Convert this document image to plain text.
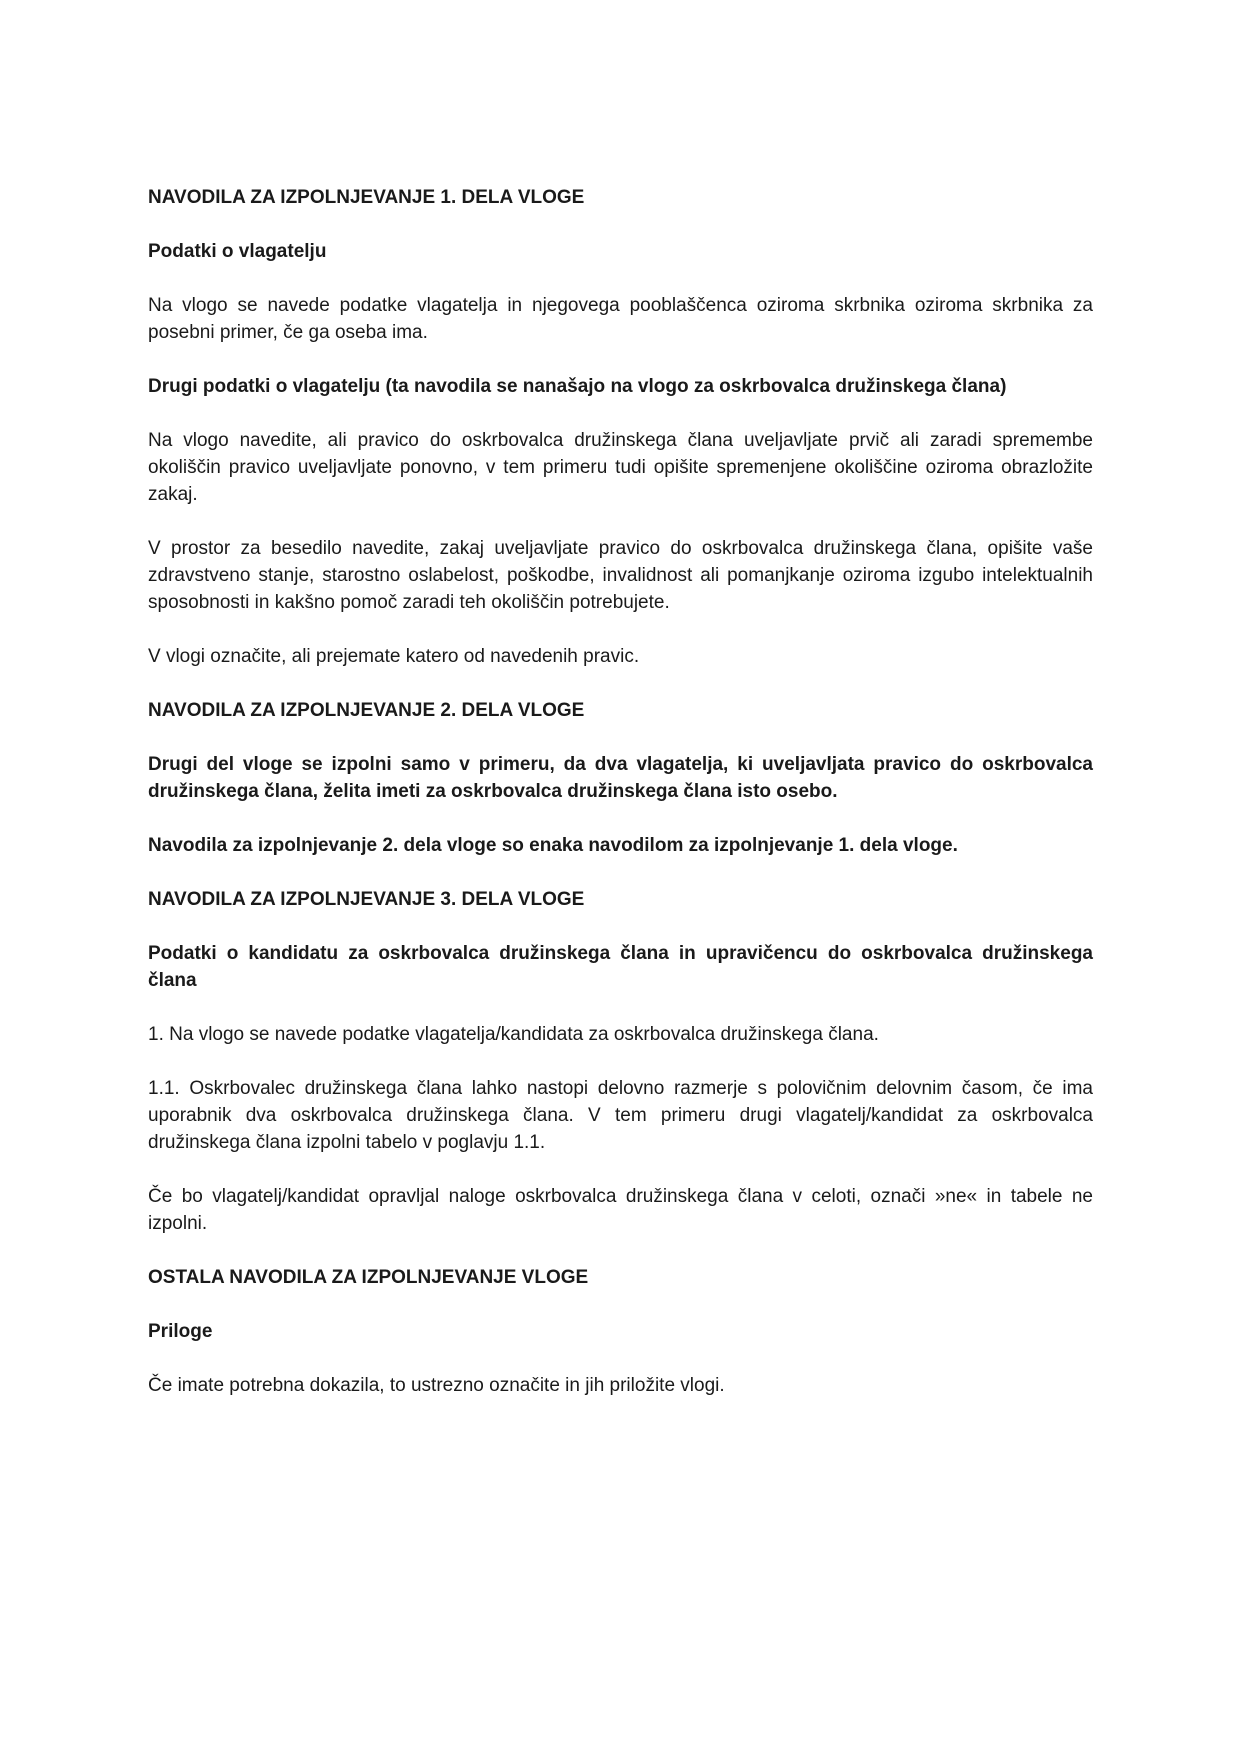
NAVODILA ZA IZPOLNJEVANJE 1. DELA VLOGE

Podatki o vlagatelju

Na vlogo se navede podatke vlagatelja in njegovega pooblaščenca oziroma skrbnika oziroma skrbnika za posebni primer, če ga oseba ima.

Drugi podatki o vlagatelju (ta navodila se nanašajo na vlogo za oskrbovalca družinskega člana)

Na vlogo navedite, ali pravico do oskrbovalca družinskega člana uveljavljate prvič ali zaradi spremembe okoliščin pravico uveljavljate ponovno, v tem primeru tudi opišite spremenjene okoliščine oziroma obrazložite zakaj.

V prostor za besedilo navedite, zakaj uveljavljate pravico do oskrbovalca družinskega člana, opišite vaše zdravstveno stanje, starostno oslabelost, poškodbe, invalidnost ali pomanjkanje oziroma izgubo intelektualnih sposobnosti in kakšno pomoč zaradi teh okoliščin potrebujete.

V vlogi označite, ali prejemate katero od navedenih pravic.

NAVODILA ZA IZPOLNJEVANJE 2. DELA VLOGE

Drugi del vloge se izpolni samo v primeru, da dva vlagatelja, ki uveljavljata pravico do oskrbovalca družinskega člana, želita imeti za oskrbovalca družinskega člana isto osebo.

Navodila za izpolnjevanje 2. dela vloge so enaka navodilom za izpolnjevanje 1. dela vloge.

NAVODILA ZA IZPOLNJEVANJE 3. DELA VLOGE

Podatki o kandidatu za oskrbovalca družinskega člana in upravičencu do oskrbovalca družinskega člana

1. Na vlogo se navede podatke vlagatelja/kandidata za oskrbovalca družinskega člana.

1.1. Oskrbovalec družinskega člana lahko nastopi delovno razmerje s polovičnim delovnim časom, če ima uporabnik dva oskrbovalca družinskega člana. V tem primeru drugi vlagatelj/kandidat za oskrbovalca družinskega člana izpolni tabelo v poglavju 1.1.

Če bo vlagatelj/kandidat opravljal naloge oskrbovalca družinskega člana v celoti, označi »ne« in tabele ne izpolni.

OSTALA NAVODILA ZA IZPOLNJEVANJE VLOGE

Priloge

Če imate potrebna dokazila, to ustrezno označite in jih priložite vlogi.
